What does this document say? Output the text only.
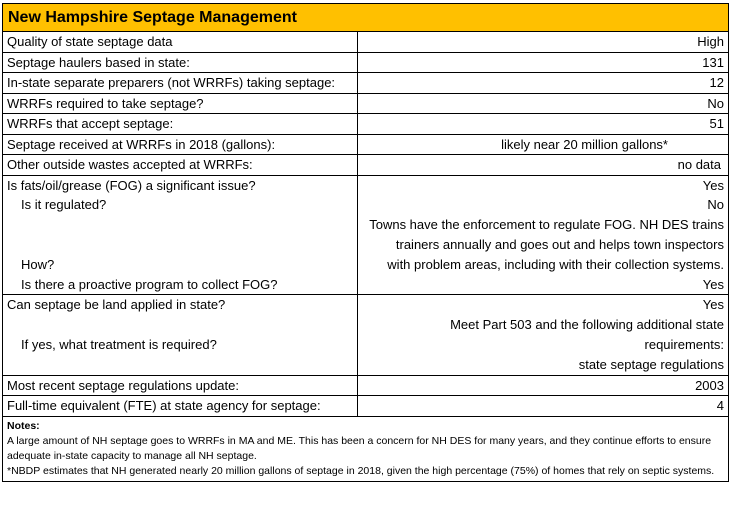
New Hampshire Septage Management
Quality of state septage data	High
Septage haulers based in state:	131
In-state separate preparers (not WRRFs) taking septage:	12
WRRFs required to take septage?	No
WRRFs that accept septage:	51
Septage received at WRRFs in 2018 (gallons):	likely near 20 million gallons*
Other outside wastes accepted at WRRFs:	no data
Is fats/oil/grease (FOG) a significant issue?	Yes
Is it regulated?	No
How?	Towns have the enforcement to regulate FOG. NH DES trains
trainers annually and goes out and helps town inspectors
with problem areas, including with their collection systems.

Is there a proactive program to collect FOG?	Yes
Can septage be land applied in state?	Yes
If yes, what treatment is required?	Meet Part 503 and the following additional state
requirements:
state septage regulations

Most recent septage regulations update:	2003
Full-time equivalent (FTE) at state agency for septage:	4
Notes:
A large amount of NH septage goes to WRRFs in MA and ME. This has been a concern for NH DES for many years, and they continue efforts to ensure adequate in-state capacity to manage all NH septage.
*NBDP estimates that NH generated nearly 20 million gallons of septage in 2018, given the high percentage (75%) of homes that rely on septic systems.
